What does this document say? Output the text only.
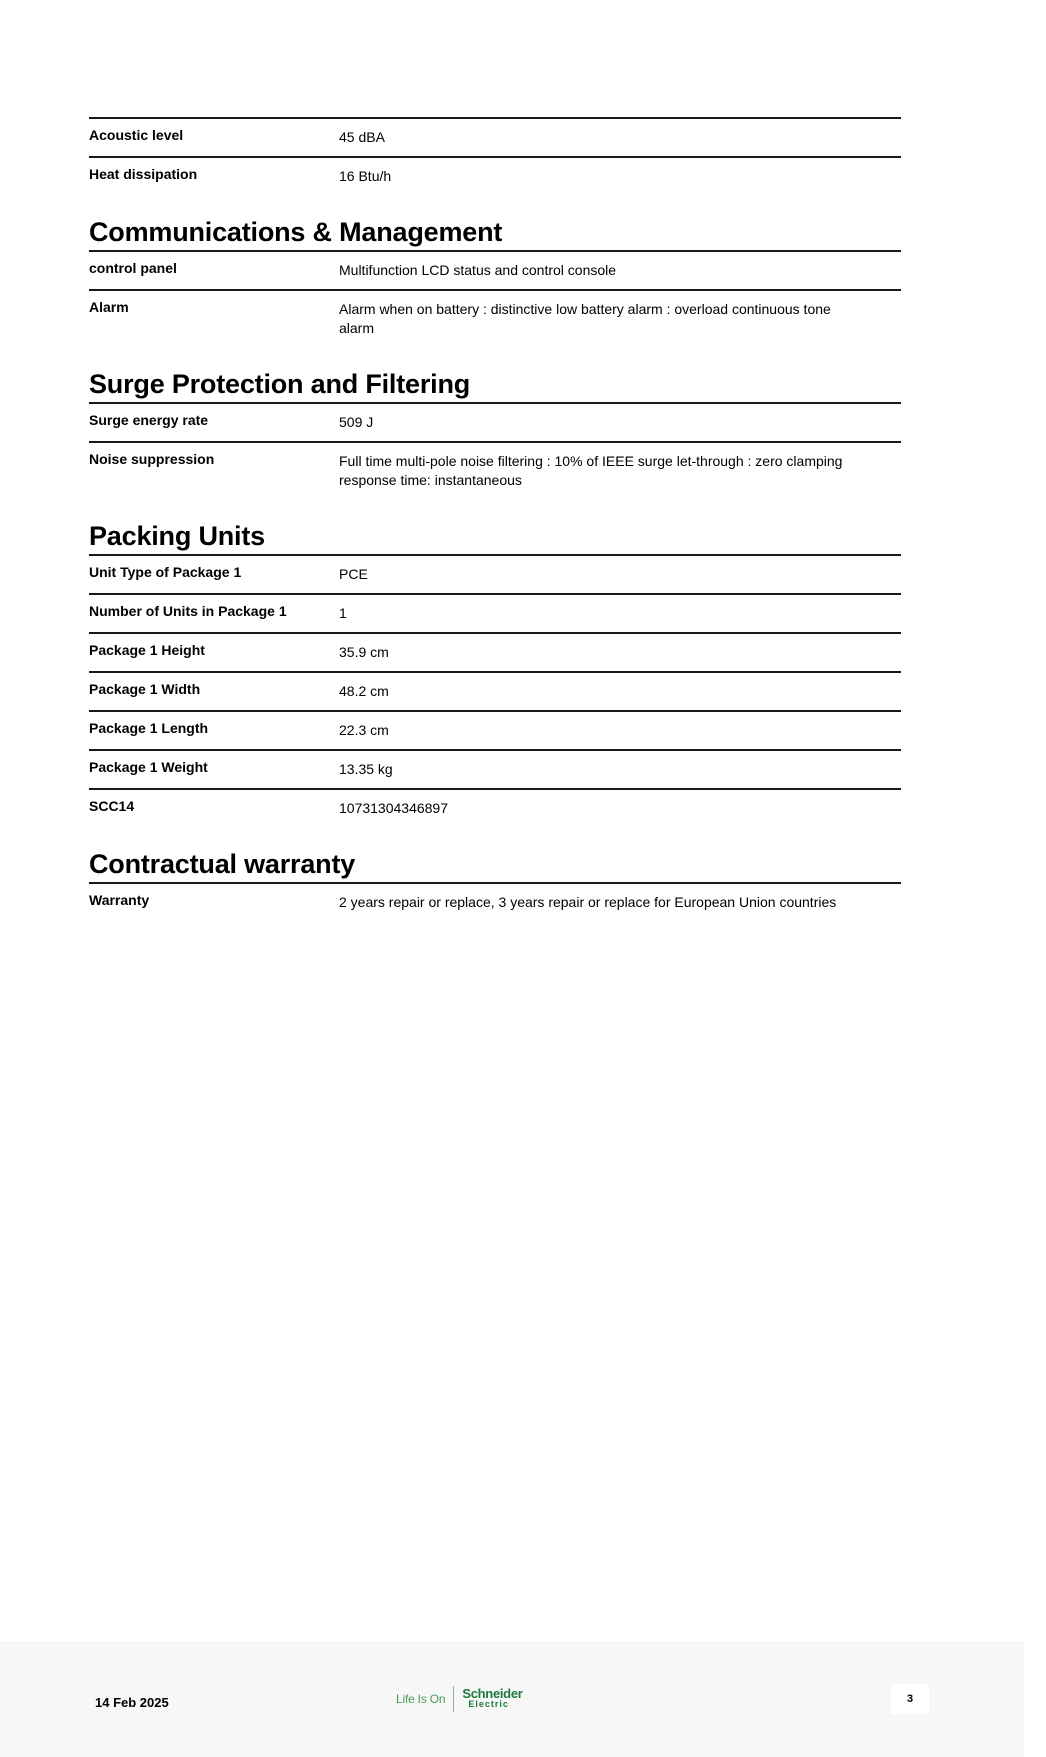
Acoustic level	45 dBA
Heat dissipation	16 Btu/h
Communications & Management
control panel	Multifunction LCD status and control console
Alarm	Alarm when on battery : distinctive low battery alarm : overload continuous tone alarm
Surge Protection and Filtering
Surge energy rate	509 J
Noise suppression	Full time multi-pole noise filtering : 10% of IEEE surge let-through : zero clamping response time: instantaneous
Packing Units
Unit Type of Package 1	PCE
Number of Units in Package 1	1
Package 1 Height	35.9 cm
Package 1 Width	48.2 cm
Package 1 Length	22.3 cm
Package 1 Weight	13.35 kg
SCC14	10731304346897
Contractual warranty
Warranty	2 years repair or replace, 3 years repair or replace for European Union countries
14 Feb 2025	Life Is On Schneider
Electric	3
